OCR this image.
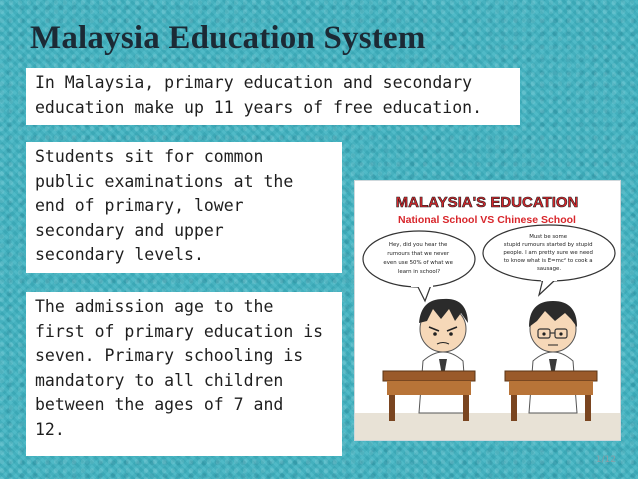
Malaysia Education System
In Malaysia, primary education and secondary
education make up 11 years of free education.
Students sit for common
public examinations at the
end of primary, lower
secondary and upper
secondary levels.
The admission age to the
first of primary education is
seven. Primary schooling is
mandatory to all children
between the ages of 7 and
12.
MALAYSIA'S EDUCATION
National School VS Chinese School
Hey, did you hear the rumours that we never even use 50% of what we learn in school?
Must be some stupid rumours started by stupid people. I am pretty sure we need to know what is E=mc² to cook a sausage.
1/12
